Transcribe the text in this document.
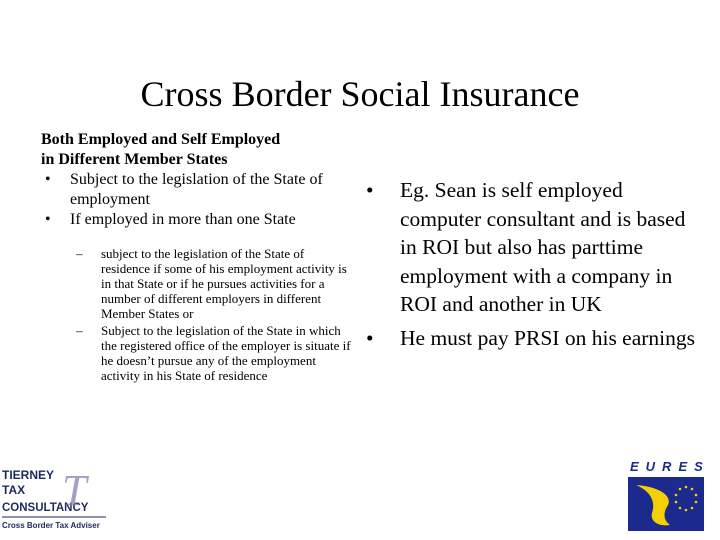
Cross Border Social Insurance
Both Employed and Self Employed
in Different Member States
•	Subject to the legislation of the State of employment
•	If employed in more than one State
–	subject to the legislation of the State of residence if some of his employment activity is in that State or if he pursues activities for a number of different employers in different Member States or
–	Subject to the legislation of the State in which the registered office of the employer is situate if he doesn’t pursue any of the employment activity in his State of residence
•	Eg. Sean is self employed computer consultant and is based in ROI but also has parttime employment with a company in ROI and another in UK
•	He must pay PRSI on his earnings
TIERNEY
TAX
CONSULTANCY
T
Cross Border Tax Adviser
EURES
